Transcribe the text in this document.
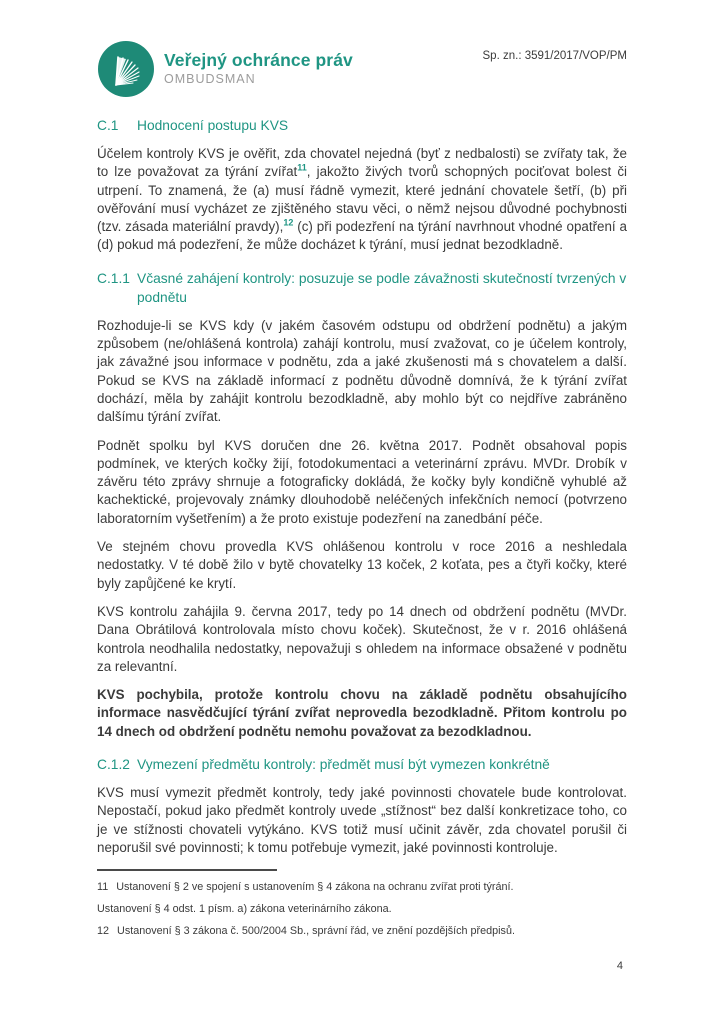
Veřejný ochránce práv
OMBUDSMAN
Sp. zn.: 3591/2017/VOP/PM
C.1	Hodnocení postupu KVS

Účelem kontroly KVS je ověřit, zda chovatel nejedná (byť z nedbalosti) se zvířaty tak, že to lze považovat za týrání zvířat$^{11}$, jakožto živých tvorů schopných pociťovat bolest či utrpení. To znamená, že (a) musí řádně vymezit, které jednání chovatele šetří, (b) při ověřování musí vycházet ze zjištěného stavu věci, o němž nejsou důvodné pochybnosti (tzv. zásada materiální pravdy),$^{12}$ (c) při podezření na týrání navrhnout vhodné opatření a (d) pokud má podezření, že může docházet k týrání, musí jednat bezodkladně.

C.1.1 Včasné zahájení kontroly: posuzuje se podle závažnosti skutečností tvrzených v podnětu

Rozhoduje-li se KVS kdy (v jakém časovém odstupu od obdržení podnětu) a jakým způsobem (ne/ohlášená kontrola) zahájí kontrolu, musí zvažovat, co je účelem kontroly, jak závažné jsou informace v podnětu, zda a jaké zkušenosti má s chovatelem a další. Pokud se KVS na základě informací z podnětu důvodně domnívá, že k týrání zvířat dochází, měla by zahájit kontrolu bezodkladně, aby mohlo být co nejdříve zabráněno dalšímu týrání zvířat.

Podnět spolku byl KVS doručen dne 26. května 2017. Podnět obsahoval popis podmínek, ve kterých kočky žijí, fotodokumentaci a veterinární zprávu. MVDr. Drobík v závěru této zprávy shrnuje a fotograficky dokládá, že kočky byly kondičně vyhublé až kachektické, projevovaly známky dlouhodobě neléčených infekčních nemocí (potvrzeno laboratorním vyšetřením) a že proto existuje podezření na zanedbání péče.

Ve stejném chovu provedla KVS ohlášenou kontrolu v roce 2016 a neshledala nedostatky. V té době žilo v bytě chovatelky 13 koček, 2 koťata, pes a čtyři kočky, které byly zapůjčené ke krytí.

KVS kontrolu zahájila 9. června 2017, tedy po 14 dnech od obdržení podnětu (MVDr. Dana Obrátilová kontrolovala místo chovu koček). Skutečnost, že v r. 2016 ohlášená kontrola neodhalila nedostatky, nepovažuji s ohledem na informace obsažené v podnětu za relevantní.

KVS pochybila, protože kontrolu chovu na základě podnětu obsahujícího informace nasvědčující týrání zvířat neprovedla bezodkladně. Přitom kontrolu po 14 dnech od obdržení podnětu nemohu považovat za bezodkladnou.

C.1.2 Vymezení předmětu kontroly: předmět musí být vymezen konkrétně

KVS musí vymezit předmět kontroly, tedy jaké povinnosti chovatele bude kontrolovat. Nepostačí, pokud jako předmět kontroly uvede „stížnost“ bez další konkretizace toho, co je ve stížnosti chovateli vytýkáno. KVS totiž musí učinit závěr, zda chovatel porušil či neporušil své povinnosti; k tomu potřebuje vymezit, jaké povinnosti kontroluje.

11 Ustanovení § 2 ve spojení s ustanovením § 4 zákona na ochranu zvířat proti týrání.
Ustanovení § 4 odst. 1 písm. a) zákona veterinárního zákona.
12 Ustanovení § 3 zákona č. 500/2004 Sb., správní řád, ve znění pozdějších předpisů.
4
